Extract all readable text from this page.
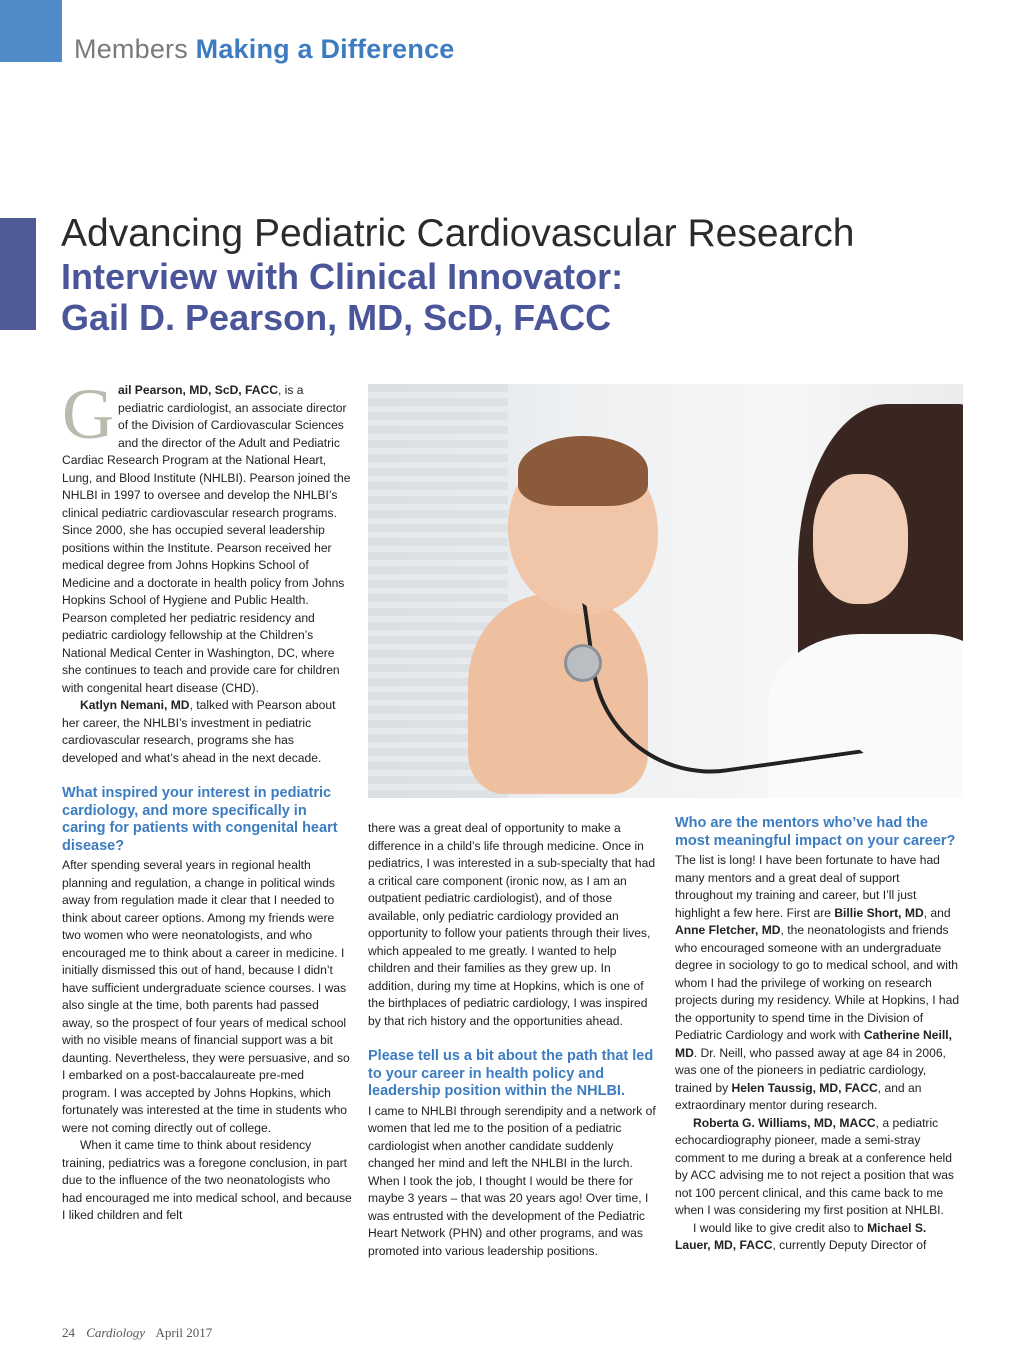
Members Making a Difference
Advancing Pediatric Cardiovascular Research
Interview with Clinical Innovator:
Gail D. Pearson, MD, ScD, FACC

Gail Pearson, MD, ScD, FACC, is a pediatric cardiologist, an associate director of the Division of Cardiovascular Sciences and the director of the Adult and Pediatric Cardiac Research Program at the National Heart, Lung, and Blood Institute (NHLBI). Pearson joined the NHLBI in 1997 to oversee and develop the NHLBI’s clinical pediatric cardiovascular research programs. Since 2000, she has occupied several leadership positions within the Institute. Pearson received her medical degree from Johns Hopkins School of Medicine and a doctorate in health policy from Johns Hopkins School of Hygiene and Public Health. Pearson completed her pediatric residency and pediatric cardiology fellowship at the Children’s National Medical Center in Washington, DC, where she continues to teach and provide care for children with congenital heart disease (CHD).

Katlyn Nemani, MD, talked with Pearson about her career, the NHLBI’s investment in pediatric cardiovascular research, programs she has developed and what’s ahead in the next decade.

What inspired your interest in pediatric cardiology, and more specifically in caring for patients with congenital heart disease?

After spending several years in regional health planning and regulation, a change in political winds away from regulation made it clear that I needed to think about career options. Among my friends were two women who were neonatologists, and who encouraged me to think about a career in medicine. I initially dismissed this out of hand, because I didn’t have sufficient undergraduate science courses. I was also single at the time, both parents had passed away, so the prospect of four years of medical school with no visible means of financial support was a bit daunting. Nevertheless, they were persuasive, and so I embarked on a post-baccalaureate pre-med program. I was accepted by Johns Hopkins, which fortunately was interested at the time in students who were not coming directly out of college.

When it came time to think about residency training, pediatrics was a foregone conclusion, in part due to the influence of the two neonatologists who had encouraged me into medical school, and because I liked children and felt

there was a great deal of opportunity to make a difference in a child’s life through medicine. Once in pediatrics, I was interested in a sub-specialty that had a critical care component (ironic now, as I am an outpatient pediatric cardiologist), and of those available, only pediatric cardiology provided an opportunity to follow your patients through their lives, which appealed to me greatly. I wanted to help children and their families as they grew up. In addition, during my time at Hopkins, which is one of the birthplaces of pediatric cardiology, I was inspired by that rich history and the opportunities ahead.

Please tell us a bit about the path that led to your career in health policy and leadership position within the NHLBI.

I came to NHLBI through serendipity and a network of women that led me to the position of a pediatric cardiologist when another candidate suddenly changed her mind and left the NHLBI in the lurch. When I took the job, I thought I would be there for maybe 3 years – that was 20 years ago! Over time, I was entrusted with the development of the Pediatric Heart Network (PHN) and other programs, and was promoted into various leadership positions.

Who are the mentors who’ve had the most meaningful impact on your career?

The list is long! I have been fortunate to have had many mentors and a great deal of support throughout my training and career, but I’ll just highlight a few here. First are Billie Short, MD, and Anne Fletcher, MD, the neonatologists and friends who encouraged someone with an undergraduate degree in sociology to go to medical school, and with whom I had the privilege of working on research projects during my residency. While at Hopkins, I had the opportunity to spend time in the Division of Pediatric Cardiology and work with Catherine Neill, MD. Dr. Neill, who passed away at age 84 in 2006, was one of the pioneers in pediatric cardiology, trained by Helen Taussig, MD, FACC, and an extraordinary mentor during research.

Roberta G. Williams, MD, MACC, a pediatric echocardiography pioneer, made a semi-stray comment to me during a break at a conference held by ACC advising me to not reject a position that was not 100 percent clinical, and this came back to me when I was considering my first position at NHLBI.

I would like to give credit also to Michael S. Lauer, MD, FACC, currently Deputy Director of

24 Cardiology April 2017
